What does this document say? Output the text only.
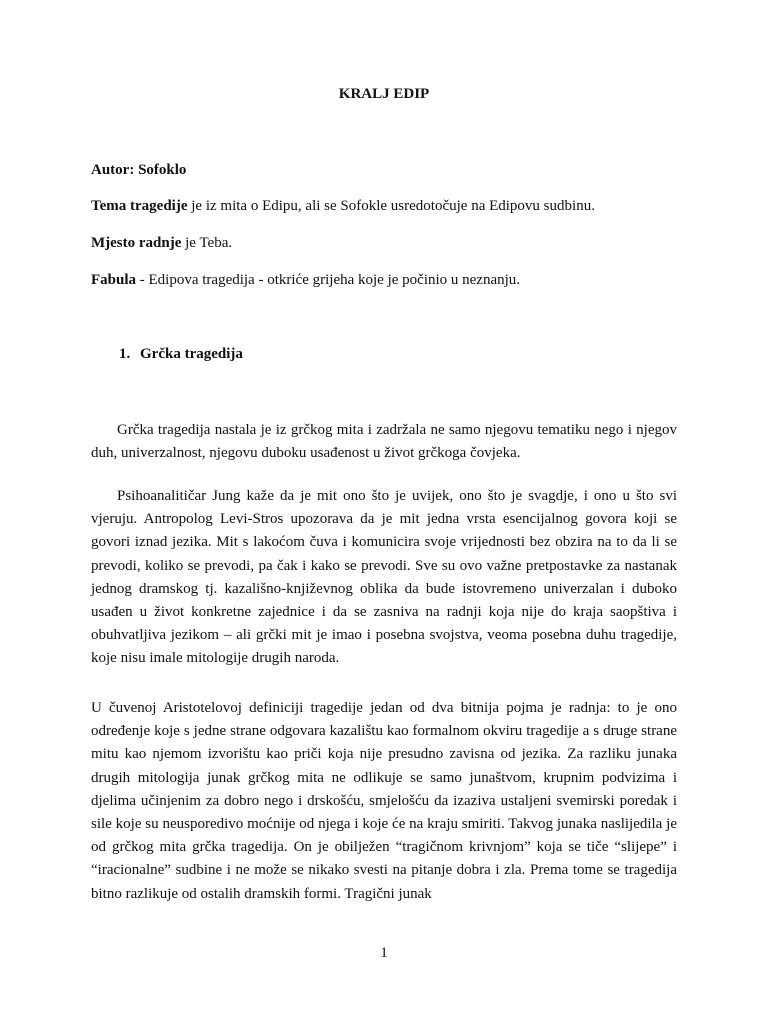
KRALJ EDIP
Autor: Sofoklo
Tema tragedije je iz mita o Edipu, ali se Sofokle usredotočuje na Edipovu sudbinu.
Mjesto radnje je Teba.
Fabula - Edipova tragedija - otkriće grijeha koje je počinio u neznanju.
1. Grčka tragedija

Grčka tragedija nastala je iz grčkog mita i zadržala ne samo njegovu tematiku nego i njegov duh, univerzalnost, njegovu duboku usađenost u život grčkoga čovjeka.

Psihoanalitičar Jung kaže da je mit ono što je uvijek, ono što je svagdje, i ono u što svi vjeruju. Antropolog Levi-Stros upozorava da je mit jedna vrsta esencijalnog govora koji se govori iznad jezika. Mit s lakoćom čuva i komunicira svoje vrijednosti bez obzira na to da li se prevodi, koliko se prevodi, pa čak i kako se prevodi. Sve su ovo važne pretpostavke za nastanak jednog dramskog tj. kazališno-književnog oblika da bude istovremeno univerzalan i duboko usađen u život konkretne zajednice i da se zasniva na radnji koja nije do kraja saopštiva i obuhvatljiva jezikom – ali grčki mit je imao i posebna svojstva, veoma posebna duhu tragedije, koje nisu imale mitologije drugih naroda.

U čuvenoj Aristotelovoj definiciji tragedije jedan od dva bitnija pojma je radnja: to je ono određenje koje s jedne strane odgovara kazalištu kao formalnom okviru tragedije a s druge strane mitu kao njemom izvorištu kao priči koja nije presudno zavisna od jezika. Za razliku junaka drugih mitologija junak grčkog mita ne odlikuje se samo junaštvom, krupnim podvizima i djelima učinjenim za dobro nego i drskošću, smjelošću da izaziva ustaljeni svemirski poredak i sile koje su neusporedivo moćnije od njega i koje će na kraju smiriti. Takvog junaka naslijedila je od grčkog mita grčka tragedija. On je obilježen “tragičnom krivnjom” koja se tiče “slijepe” i “iracionalne” sudbine i ne može se nikako svesti na pitanje dobra i zla. Prema tome se tragedija bitno razlikuje od ostalih dramskih formi. Tragični junak

1
